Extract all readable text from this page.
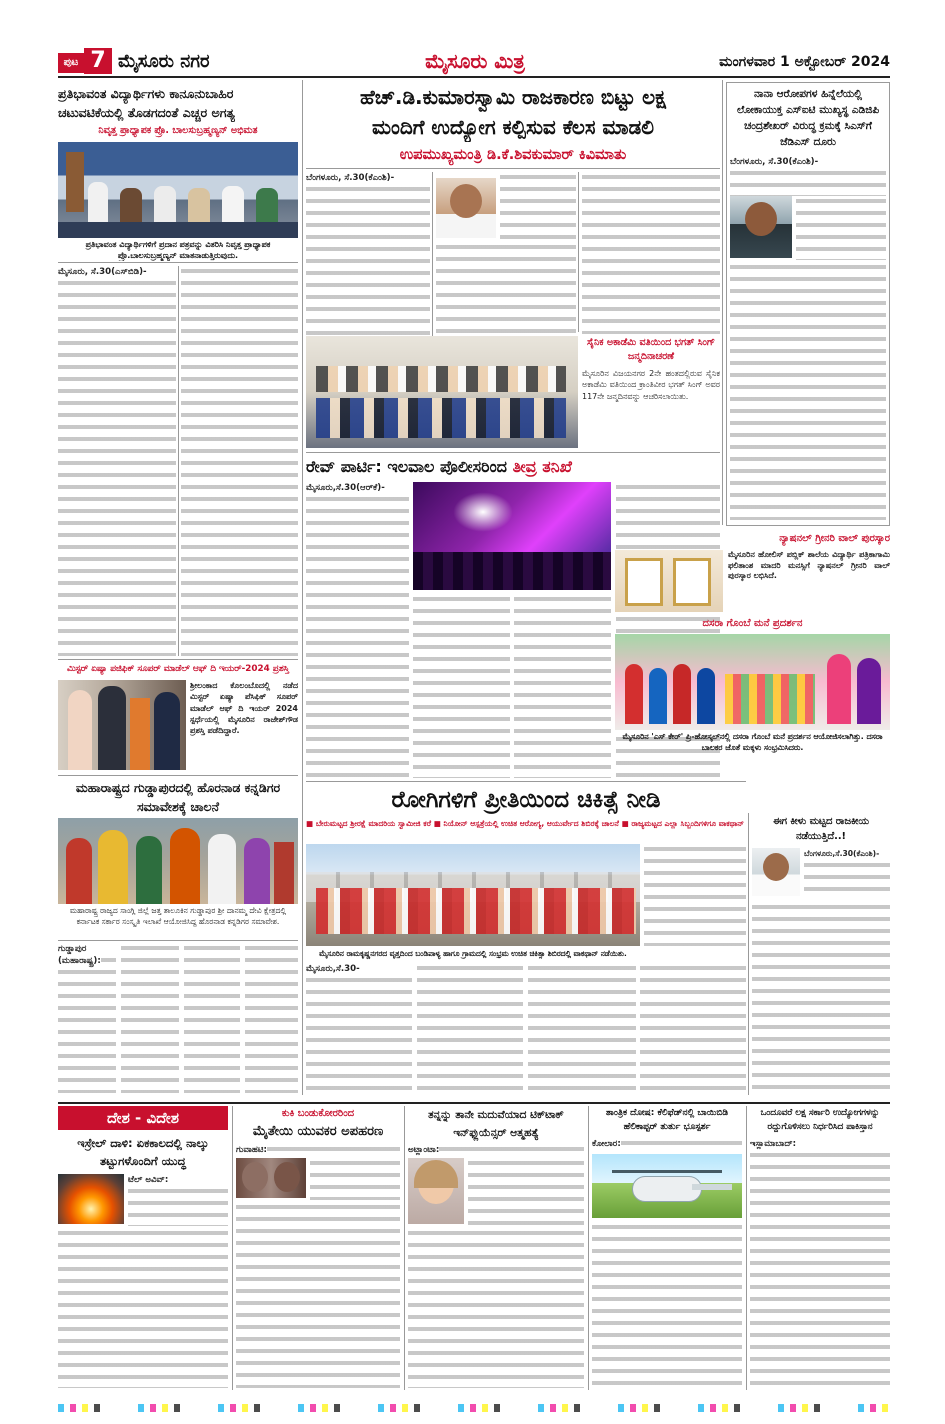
ಪುಟ 7 ಮೈಸೂರು ನಗರ	ಮೈಸೂರು ಮಿತ್ರ	ಮಂಗಳವಾರ 1 ಅಕ್ಟೋಬರ್ 2024
ಪ್ರತಿಭಾವಂತ ವಿದ್ಯಾರ್ಥಿಗಳು ಕಾನೂನುಬಾಹಿರ ಚಟುವಟಿಕೆಯಲ್ಲಿ ತೊಡಗದಂತೆ ಎಚ್ಚರ ಅಗತ್ಯ
ನಿವೃತ್ತ ಪ್ರಾಧ್ಯಾಪಕ ಪ್ರೊ. ಬಾಲಸುಬ್ರಹ್ಮಣ್ಯನ್ ಅಭಿಮತ
ಪ್ರತಿಭಾವಂತ ವಿದ್ಯಾರ್ಥಿಗಳಿಗೆ ಪ್ರದಾನ ಪತ್ರವನ್ನು ವಿತರಿಸಿ ನಿವೃತ್ತ ಪ್ರಾಧ್ಯಾಪಕ ಪ್ರೊ.ಬಾಲಸುಬ್ರಹ್ಮಣ್ಯನ್ ಮಾತನಾಡುತ್ತಿರುವುದು.
ಮೈಸೂರು, ಸೆ.30(ಎಸ್‌ಬಿಡಿ)-
ಮಿಸ್ಟರ್ ಏಷ್ಯಾ ಪಜಿಫಿಕ್ ಸೂಪರ್ ಮಾಡೆಲ್ ಆಫ್ ದಿ ಇಯರ್-2024 ಪ್ರಶಸ್ತಿ
ಶ್ರೀಲಂಕಾದ ಕೊಲಂಬೊದಲ್ಲಿ ನಡೆದ ಮಿಸ್ಟರ್ ಏಷ್ಯಾ ಪೆಸಿಫಿಕ್ ಸೂಪರ್ ಮಾಡೆಲ್ ಆಫ್ ದಿ ಇಯರ್ 2024 ಸ್ಪರ್ಧೆಯಲ್ಲಿ ಮೈಸೂರಿನ ರಾಜೇಶ್‌ಗೌಡ ಪ್ರಶಸ್ತಿ ಪಡೆದಿದ್ದಾರೆ.
ಮಹಾರಾಷ್ಟ್ರದ ಗುಡ್ಡಾಪುರದಲ್ಲಿ ಹೊರನಾಡ ಕನ್ನಡಿಗರ ಸಮಾವೇಶಕ್ಕೆ ಚಾಲನೆ
ಮಹಾರಾಷ್ಟ್ರ ರಾಜ್ಯದ ಸಾಂಗ್ಲಿ ಜಿಲ್ಲೆ ಜತ್ತ ತಾಲೂಕಿನ ಗುಡ್ಡಾಪುರ ಶ್ರೀ ದಾನಮ್ಮ ದೇವಿ ಕ್ಷೇತ್ರದಲ್ಲಿ ಕರ್ನಾಟಕ ಸರ್ಕಾರ ಸಂಸ್ಕೃತಿ ಇಲಾಖೆ ಆಯೋಜಿಸಿದ್ದ ಹೊರನಾಡ ಕನ್ನಡಿಗರ ಸಮಾವೇಶ.
ಗುಡ್ಡಾಪುರ (ಮಹಾರಾಷ್ಟ್ರ):
ಹೆಚ್.ಡಿ.ಕುಮಾರಸ್ವಾಮಿ ರಾಜಕಾರಣ ಬಿಟ್ಟು ಲಕ್ಷ
ಮಂದಿಗೆ ಉದ್ಯೋಗ ಕಲ್ಪಿಸುವ ಕೆಲಸ ಮಾಡಲಿ
ಉಪಮುಖ್ಯಮಂತ್ರಿ ಡಿ.ಕೆ.ಶಿವಕುಮಾರ್ ಕಿವಿಮಾತು
ಬೆಂಗಳೂರು, ಸೆ.30(ಕೆಎಂಶಿ)-
ಸೈನಿಕ ಅಕಾಡೆಮಿ ವತಿಯಿಂದ ಭಗತ್ ಸಿಂಗ್ ಜನ್ಮದಿನಾಚರಣೆ
ಮೈಸೂರಿನ ವಿಜಯನಗರ 2ನೇ ಹಂತದಲ್ಲಿರುವ ಸೈನಿಕ ಅಕಾಡೆಮಿ ವತಿಯಿಂದ ಕ್ರಾಂತಿವೀರ ಭಗತ್ ಸಿಂಗ್ ಅವರ 117ನೇ ಜನ್ಮದಿನವನ್ನು ಆಚರಿಸಲಾಯಿತು.
ರೇವ್ ಪಾರ್ಟಿ: ಇಲವಾಲ ಪೊಲೀಸರಿಂದ ತೀವ್ರ ತನಿಖೆ
ಮೈಸೂರು,ಸೆ.30(ಆರ್‌ಕೆ)-
ನಾನಾ ಆರೋಪಗಳ ಹಿನ್ನೆಲೆಯಲ್ಲಿ ಲೋಕಾಯುಕ್ತ ಎಸ್‌ಐಟಿ ಮುಖ್ಯಸ್ಥ ಎಡಿಜಿಪಿ ಚಂದ್ರಶೇಖರ್ ವಿರುದ್ಧ ಕ್ರಮಕ್ಕೆ ಸಿಎಸ್‌ಗೆ ಜೆಡಿಎಸ್ ದೂರು
ಬೆಂಗಳೂರು, ಸೆ.30(ಕೆಎಂಶಿ)-
ನ್ಯಾಷನಲ್ ಗ್ರೀನರಿ ವಾಲ್ ಪುರಸ್ಕಾರ
ಮೈಸೂರಿನ ಹೋಲಿಸ್ ಪಬ್ಲಿಕ್ ಶಾಲೆಯ ವಿದ್ಯಾರ್ಥಿ ಪತ್ರಿಕಾಗಾಮಿ ಫಲಿತಾಂಶ ಮಾದರಿ ಮನಸ್ಸಿಗೆ ನ್ಯಾಷನಲ್ ಗ್ರೀನರಿ ವಾಲ್ ಪುರಸ್ಕಾರ ಲಭಿಸಿದೆ.
ದಸರಾ ಗೊಂಬೆ ಮನೆ ಪ್ರದರ್ಶನ
ಮೈಸೂರಿನ 'ಎಸ್‌ ಕೇರ್‌' ಪ್ರಿ-ಹೋಸ್ಕಲ್‌ನಲ್ಲಿ ದಸರಾ ಗೊಂಬೆ ಮನೆ ಪ್ರದರ್ಶನ ಆಯೋಜಿಸಲಾಗಿತ್ತು. ದಸರಾ ಬಾಲಕರ ಜೊತೆ ಮಕ್ಕಳು ಸಂಭ್ರಮಿಸಿದರು.
ರೋಗಿಗಳಿಗೆ ಪ್ರೀತಿಯಿಂದ ಚಿಕಿತ್ಸೆ ನೀಡಿ
■ ಬೇರುಮಟ್ಟದ ಶ್ರೀರಕ್ಷೆ ಮಾದರಿಯ ಸ್ವಾಮೀಜಿ ಕರೆ ■ ನಿಯೋನ್ ಆಸ್ಪತ್ರೆಯಲ್ಲಿ ಉಚಿತ ಆರೋಗ್ಯ, ಆಯುರ್ವೇದ ಶಿಬಿರಕ್ಕೆ ಚಾಲನೆ ■ ರಾಜ್ಯಮಟ್ಟದ ಎಲ್ಲಾ ಸಿಬ್ಬಂದಿಗಳಿಗೂ ವಾಕಥಾನ್
ಮೈಸೂರಿನ ರಾಮಕೃಷ್ಣನಗರದ ವೃತ್ತದಿಂದ ಬಂಡಿಪಾಳ್ಯ ಹಾಗೂ ಗ್ರಾಮದಲ್ಲಿ ಸಂಭ್ರಮ ಉಚಿತ ಚಿಕಿತ್ಸಾ ಶಿಬಿರದಲ್ಲಿ ವಾಕಥಾನ್ ನಡೆಯಿತು.
ಮೈಸೂರು,ಸೆ.30-
ಈಗ ಕೀಳು ಮಟ್ಟದ ರಾಜಕೀಯ ನಡೆಯುತ್ತಿದೆ..!
ಬೆಂಗಳೂರು,ಸೆ.30(ಕೆಎಂಶಿ)-
ದೇಶ - ವಿದೇಶ
ಇಸ್ರೇಲ್ ದಾಳಿ: ಏಕಕಾಲದಲ್ಲಿ ನಾಲ್ಕು ತಟ್ಟುಗಳೊಂದಿಗೆ ಯುದ್ಧ
ಟೆಲ್ ಅವಿವ್:
ಕುಕಿ ಬಂಡುಕೋರರಿಂದ
ಮೈತೇಯಿ ಯುವಕರ ಅಪಹರಣ
ಗುವಾಹಟಿ:
ತನ್ನನ್ನು ತಾನೇ ಮದುವೆಯಾದ ಟಿಕ್‌ಟಾಕ್ ಇನ್‌ಫ್ಲುಯೆನ್ಸರ್ ಆತ್ಮಹತ್ಯೆ
ಅಟ್ಲಾಂಟಾ:
ತಾಂತ್ರಿಕ ದೋಷ: ಕೆಲಿಫೆಡ್‌ನಲ್ಲಿ ಬಾಯಿಬಿಡಿ ಹೆಲಿಕಾಪ್ಟರ್ ತುರ್ತು ಭೂಸ್ಪರ್ಶ
ಕೋಲಾರ:
ಒಂದೂವರೆ ಲಕ್ಷ ಸರ್ಕಾರಿ ಉದ್ಯೋಗಗಳನ್ನು ರದ್ದುಗೊಳಿಸಲು ನಿರ್ಧರಿಸಿದ ಪಾಕಿಸ್ತಾನ
ಇಸ್ಲಾಮಾಬಾದ್:
